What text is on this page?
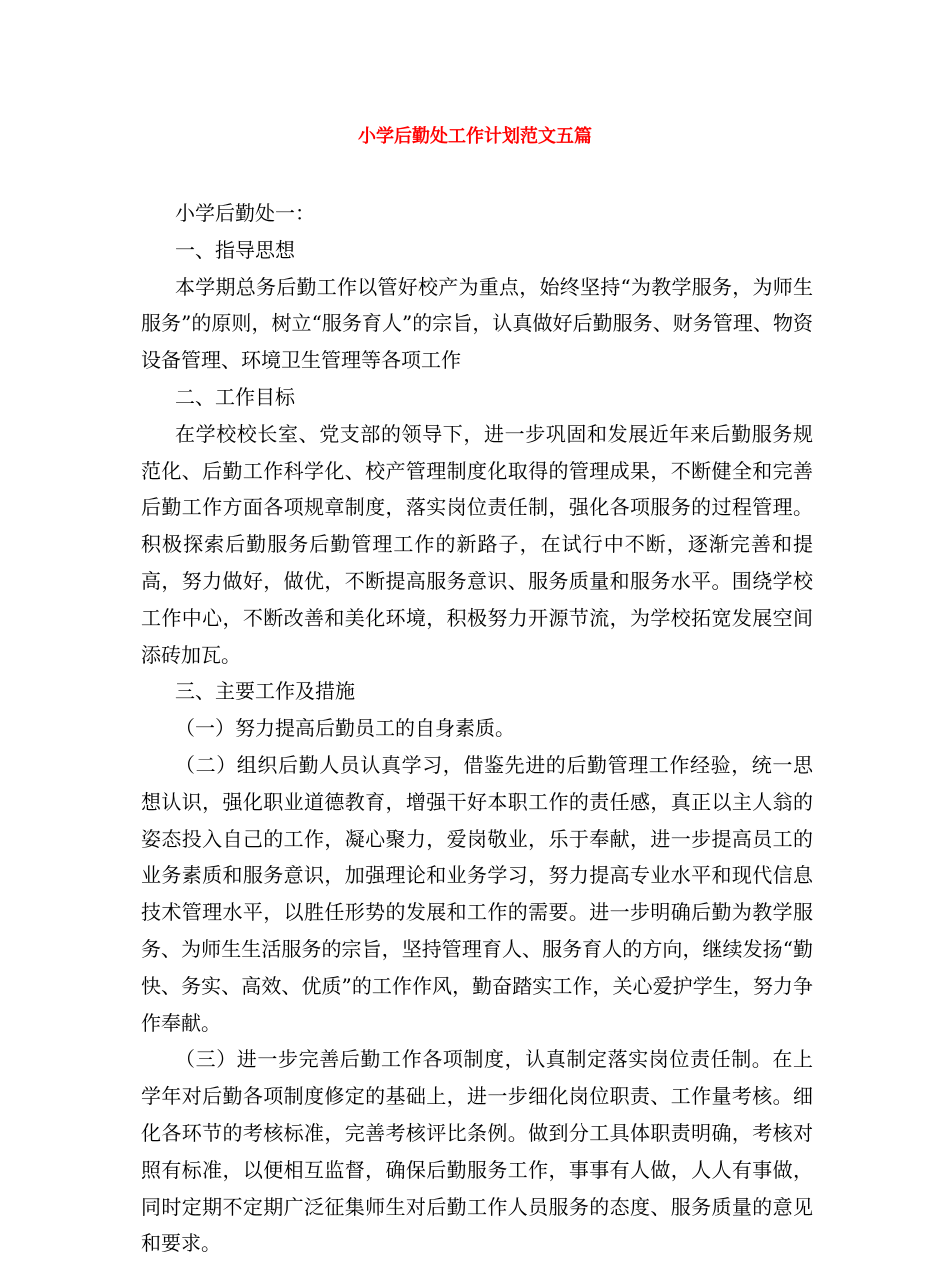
小学后勤处工作计划范文五篇

小学后勤处一：

一、指导思想

本学期总务后勤工作以管好校产为重点，始终坚持“为教学服务，为师生服务”的原则，树立“服务育人”的宗旨，认真做好后勤服务、财务管理、物资设备管理、环境卫生管理等各项工作

二、工作目标

在学校校长室、党支部的领导下，进一步巩固和发展近年来后勤服务规范化、后勤工作科学化、校产管理制度化取得的管理成果，不断健全和完善后勤工作方面各项规章制度，落实岗位责任制，强化各项服务的过程管理。积极探索后勤服务后勤管理工作的新路子，在试行中不断，逐渐完善和提高，努力做好，做优，不断提高服务意识、服务质量和服务水平。围绕学校工作中心，不断改善和美化环境，积极努力开源节流，为学校拓宽发展空间添砖加瓦。

三、主要工作及措施

（一）努力提高后勤员工的自身素质。

（二）组织后勤人员认真学习，借鉴先进的后勤管理工作经验，统一思想认识，强化职业道德教育，增强干好本职工作的责任感，真正以主人翁的姿态投入自己的工作，凝心聚力，爱岗敬业，乐于奉献，进一步提高员工的业务素质和服务意识，加强理论和业务学习，努力提高专业水平和现代信息技术管理水平，以胜任形势的发展和工作的需要。进一步明确后勤为教学服务、为师生生活服务的宗旨，坚持管理育人、服务育人的方向，继续发扬“勤快、务实、高效、优质”的工作作风，勤奋踏实工作，关心爱护学生，努力争作奉献。

（三）进一步完善后勤工作各项制度，认真制定落实岗位责任制。在上学年对后勤各项制度修定的基础上，进一步细化岗位职责、工作量考核。细化各环节的考核标准，完善考核评比条例。做到分工具体职责明确，考核对照有标准，以便相互监督，确保后勤服务工作，事事有人做，人人有事做，同时定期不定期广泛征集师生对后勤工作人员服务的态度、服务质量的意见和要求。
